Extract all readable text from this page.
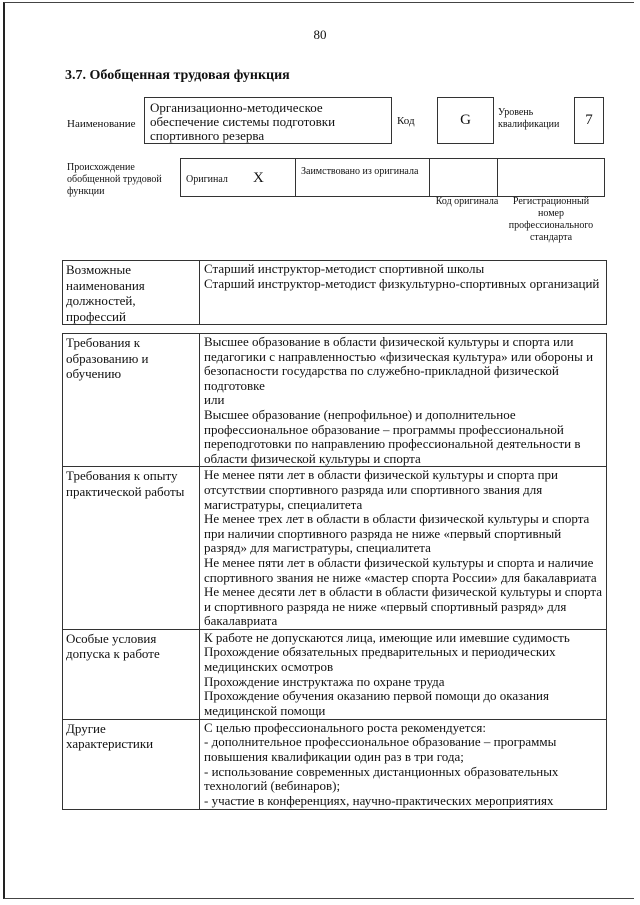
80
3.7. Обобщенная трудовая функция
Наименование
Организационно-методическое обеспечение системы подготовки спортивного резерва
Код	G	Уровень квалификации	7
Происхождение обобщенной трудовой функции
Оригинал X	Заимствовано из оригинала
Код оригинала	Регистрационный номер профессионального стандарта
Возможные наименования должностей, профессий	
Старший инструктор-методист спортивной школы
Старший инструктор-методист физкультурно-спортивных организаций
Требования к образованию и обучению	Высшее образование в области физической культуры и спорта или педагогики с направленностью «физическая культура» или обороны и безопасности государства по служебно-прикладной физической подготовке
или
Высшее образование (непрофильное) и дополнительное профессиональное образование – программы профессиональной переподготовки по направлению профессиональной деятельности в области физической культуры и спорта

Требования к опыту практической работы	Не менее пяти лет в области физической культуры и спорта при отсутствии спортивного разряда или спортивного звания для магистратуры, специалитета
Не менее трех лет в области в области физической культуры и спорта при наличии спортивного разряда не ниже «первый спортивный разряд» для магистратуры, специалитета
Не менее пяти лет в области физической культуры и спорта и наличие спортивного звания не ниже «мастер спорта России» для бакалавриата
Не менее десяти лет в области в области физической культуры и спорта и спортивного разряда не ниже «первый спортивный разряд» для бакалавриата

Особые условия допуска к работе	К работе не допускаются лица, имеющие или имевшие судимость
Прохождение обязательных предварительных и периодических медицинских осмотров
Прохождение инструктажа по охране труда
Прохождение обучения оказанию первой помощи до оказания медицинской помощи

Другие характеристики	С целью профессионального роста рекомендуется:
- дополнительное профессиональное образование – программы повышения квалификации один раз в три года;
- использование современных дистанционных образовательных технологий (вебинаров);
- участие в конференциях, научно-практических мероприятиях
